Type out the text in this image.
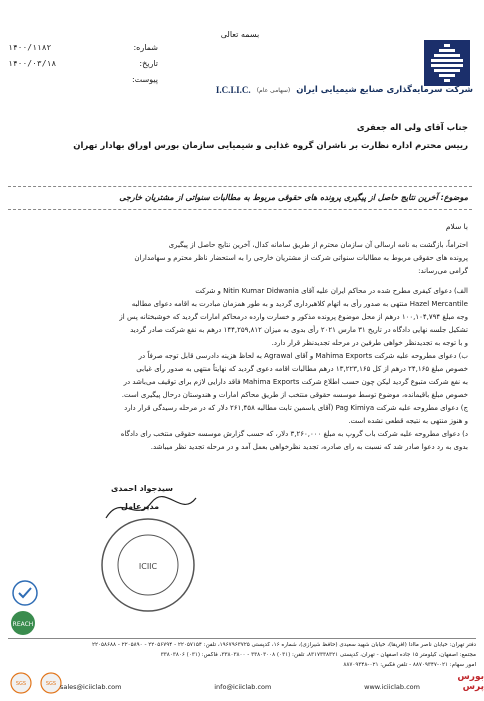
بسمه تعالی
شماره:
۱۴۰۰/۱۱۸۲
تاریخ:
۱۴۰۰/۰۳/۱۸
پیوست:
I.C.I.I.C. (سهامی عام) شرکت سرمایه‌گذاری صنایع شیمیایی ایران
جناب آقای ولی اله جعفری
رییس محترم اداره نظارت بر ناشران گروه غذایی و شیمیایی سازمان بورس اوراق بهادار تهران
موضوع: آخرین نتایج حاصل از پیگیری پرونده های حقوقی مربوط به مطالبات سنواتی از مشتریان خارجی
با سلام
احتراماً، بازگشت به نامه ارسالی آن سازمان محترم از طریق سامانه کدال، آخرین نتایج حاصل از پیگیری
پرونده های حقوقی مربوط به مطالبات سنواتی شرکت از مشتریان خارجی را به استحضار ناظر محترم و سهامداران
گرامی می‌رساند:
الف) دعوای کیفری مطرح شده در محاکم ایران علیه آقای Nitin Kumar Didwania و شرکت
Hazel Mercantile منتهی به صدور رأی به اتهام کلاهبرداری گردید و به طور همزمان مبادرت به اقامه دعوای مطالبه
وجه مبلغ ۱۰۰,۱۰۴,۷۹۴ درهم از محل موضوع پرونده مذکور و خسارت وارده درمحاکم امارات گردید که خوشبختانه پس از
تشکیل جلسه نهایی دادگاه در تاریخ ۳۱ مارس ۲۰۲۱ رأی بدوی به میزان ۱۴۴,۲۵۹,۸۱۲ درهم به نفع شرکت صادر گردید
و با توجه به تجدیدنظر خواهی طرفین در مرحله تجدیدنظر قرار دارد.
ب) دعوای مطروحه علیه شرکت Mahima Exports و آقای Agrawal به لحاظ هزینه دادرسی قابل توجه صرفاً در
خصوص مبلغ ۲۴,۱۶۵ درهم از کل ۱۳,۲۲۳,۱۶۵ درهم مطالبات اقامه دعوی گردید که نهایتاً منتهی به صدور رأی غیابی
به نفع شرکت متبوع گردید لیکن چون حسب اطلاع شرکت Mahima Exports فاقد دارایی لازم برای توقیف می‌باشد در
خصوص مبلغ باقیمانده، موضوع توسط موسسه حقوقی منتخب از طریق محاکم امارات و هندوستان درحال پیگیری است.
ج) دعوای مطروحه علیه شرکت Pag Kimiya (آقای یاسمین تابت مطالبه ۲۶۱,۴۵۸ دلار که در مرحله رسیدگی قرار دارد
و هنوز منتهی به نتیجه قطعی نشده است.
د) دعوای مطروحه علیه شرکت باب گروپ به مبلغ ۳,۲۶۰,۰۰۰ دلار، که حسب گزارش موسسه حقوقی منتخب رای دادگاه
بدوی به رد دعوا صادر شد که نسبت به رای صادره، تجدید نظرخواهی بعمل آمد و در مرحله تجدید نظر میباشد.
سیدجواد احمدی
مدیرعامل
ICIIC
REACH
دفتر تهران: خیابان ناصر ماادا (آفریقا)، خیابان شهید سعیدی (حافظ شیرازی)، شماره ۱۶، کدپستی ۱۹۶۷۹۶۳۷۲۵، تلفن: ۲۲۰۵۷۱۵۴ - ۲۲۰۵۶۷۹۴ - ۲۲۰۵۸۹۰ - ۲۲۰۵۸۶۸۸
مجتمع: اصفهان، کیلومتر ۱۵ جاده اصفهان - تهران، کدپستی ۸۳۱۷۳۳۸۳۲۱، تلفن: (۰۳۱) ۳۳۸۰۳۰۰۸ - ۳۳۸۰۳۸۰۰، فاکس: (۰۳۱) ۳۳۸۰۳۸۰۶
امور سهام: ۰۲۱-۸۸۷۰۹۳۴۷ - تلفن فکس: ۰۲۱-۸۸۷۰۹۳۴۸
SGS	SGS sales@iciiclab.com	info@iciiclab.com	www.iciiclab.com
بورس پرس
